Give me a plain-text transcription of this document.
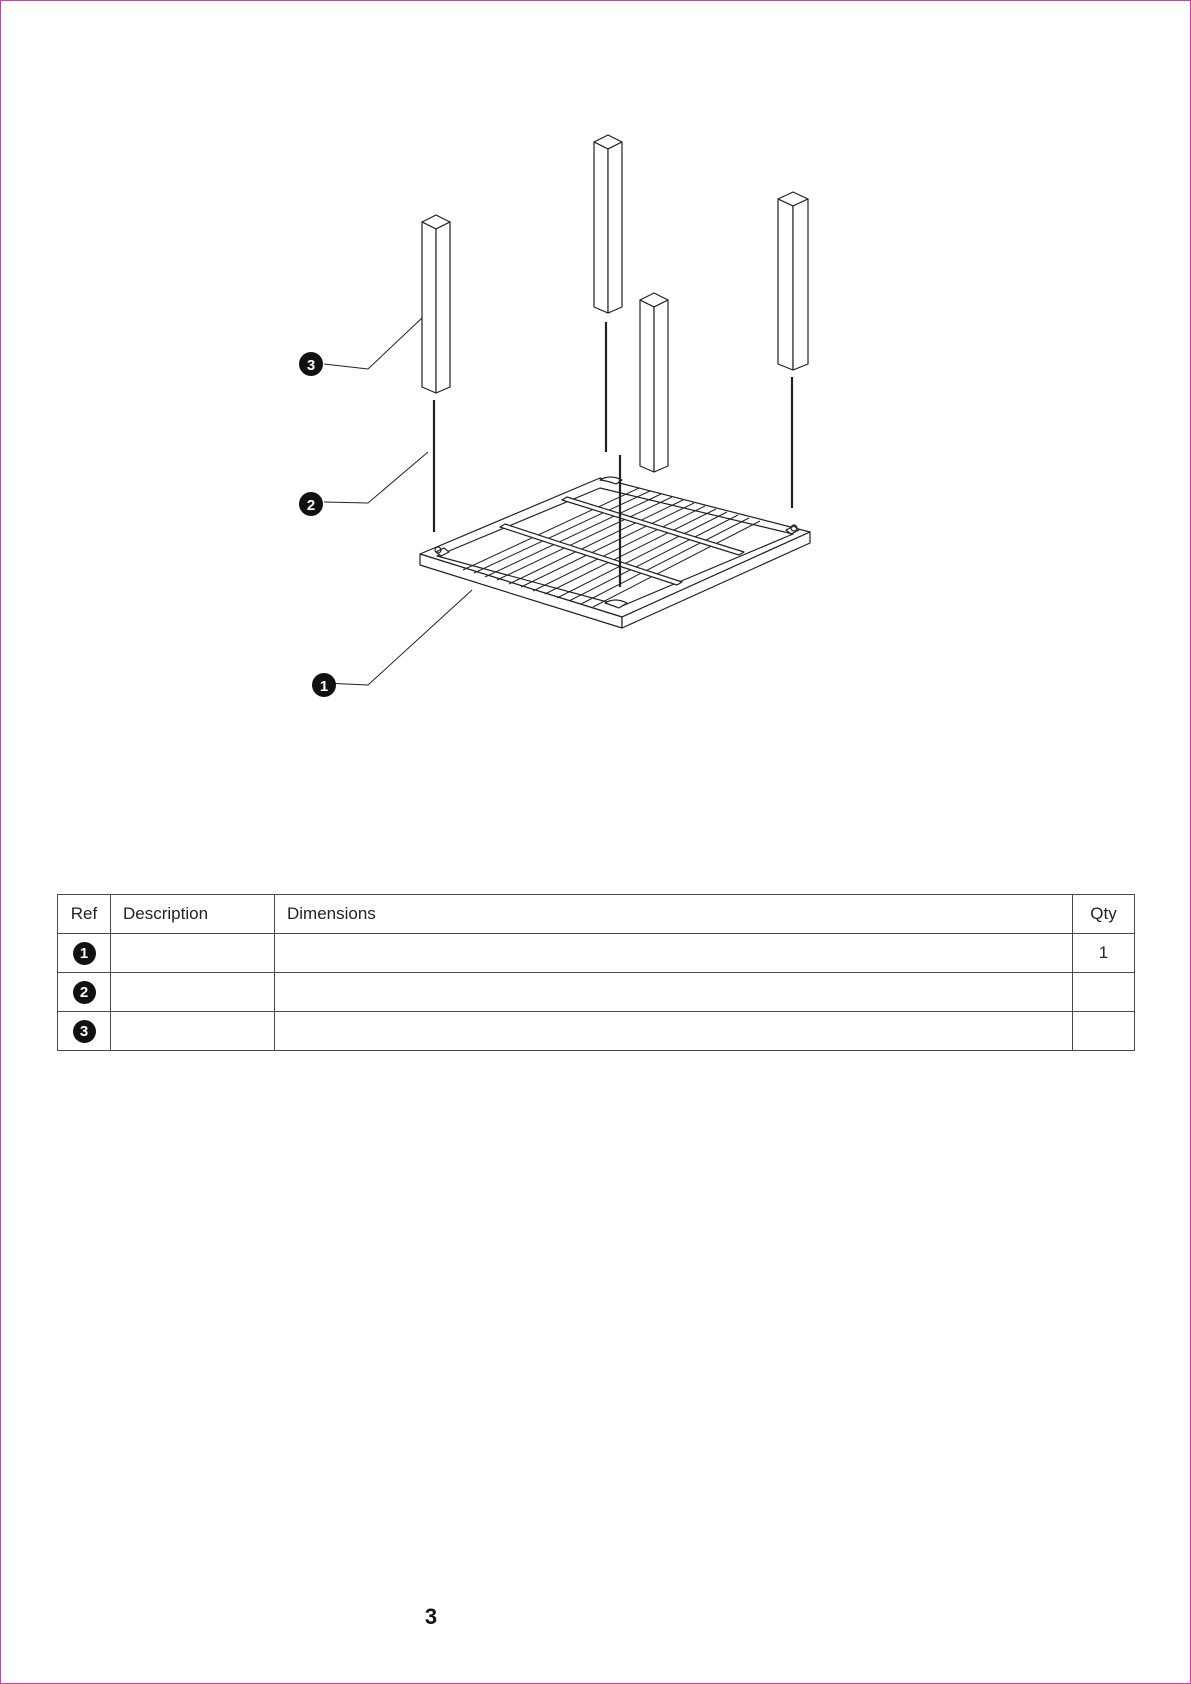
3
2
1
Ref	Description	Dimensions	Qty
1			1
2			
3			
3
